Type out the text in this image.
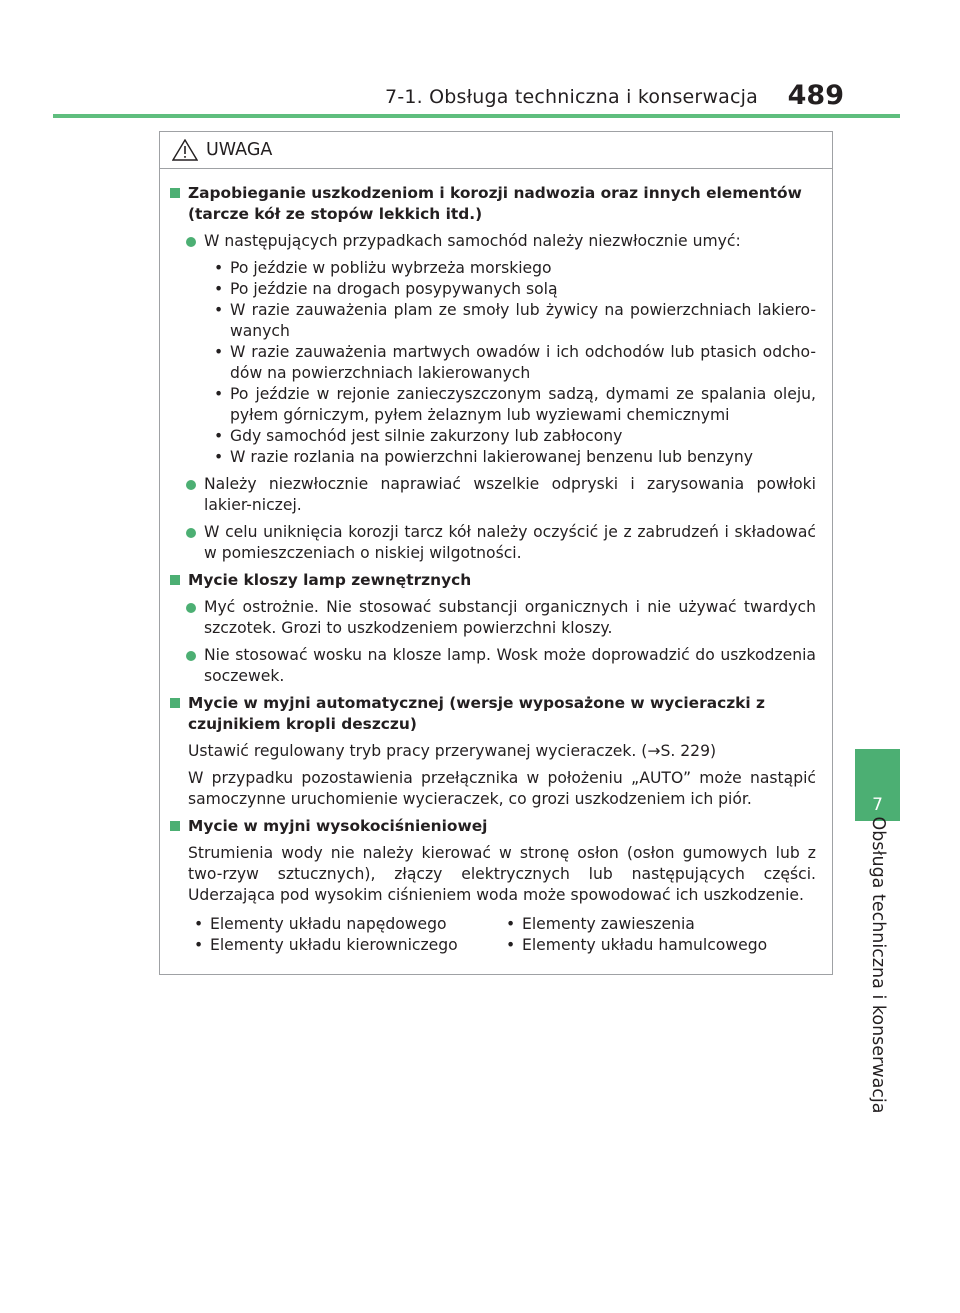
7-1. Obsługa techniczna i konserwacja 489
7
Obsługa techniczna i konserwacja
UWAGA
Zapobieganie uszkodzeniom i korozji nadwozia oraz innych elementów (tarcze kół ze stopów lekkich itd.)
W następujących przypadkach samochód należy niezwłocznie umyć:
• Po jeździe w pobliżu wybrzeża morskiego
• Po jeździe na drogach posypywanych solą
• W razie zauważenia plam ze smoły lub żywicy na powierzchniach lakiero-wanych
• W razie zauważenia martwych owadów i ich odchodów lub ptasich odcho-dów na powierzchniach lakierowanych
• Po jeździe w rejonie zanieczyszczonym sadzą, dymami ze spalania oleju, pyłem górniczym, pyłem żelaznym lub wyziewami chemicznymi
• Gdy samochód jest silnie zakurzony lub zabłocony
• W razie rozlania na powierzchni lakierowanej benzenu lub benzyny
Należy niezwłocznie naprawiać wszelkie odpryski i zarysowania powłoki lakier-niczej.
W celu uniknięcia korozji tarcz kół należy oczyścić je z zabrudzeń i składować w pomieszczeniach o niskiej wilgotności.
Mycie kloszy lamp zewnętrznych
Myć ostrożnie. Nie stosować substancji organicznych i nie używać twardych szczotek. Grozi to uszkodzeniem powierzchni kloszy.
Nie stosować wosku na klosze lamp. Wosk może doprowadzić do uszkodzenia soczewek.
Mycie w myjni automatycznej (wersje wyposażone w wycieraczki z czujnikiem kropli deszczu)
Ustawić regulowany tryb pracy przerywanej wycieraczek. (→S. 229)
W przypadku pozostawienia przełącznika w położeniu „AUTO” może nastąpić samoczynne uruchomienie wycieraczek, co grozi uszkodzeniem ich piór.
Mycie w myjni wysokociśnieniowej
Strumienia wody nie należy kierować w stronę osłon (osłon gumowych lub z two-rzyw sztucznych), złączy elektrycznych lub następujących części. Uderzająca pod wysokim ciśnieniem woda może spowodować ich uszkodzenie.
• Elementy układu napędowego
• Elementy układu kierowniczego
• Elementy zawieszenia
• Elementy układu hamulcowego
